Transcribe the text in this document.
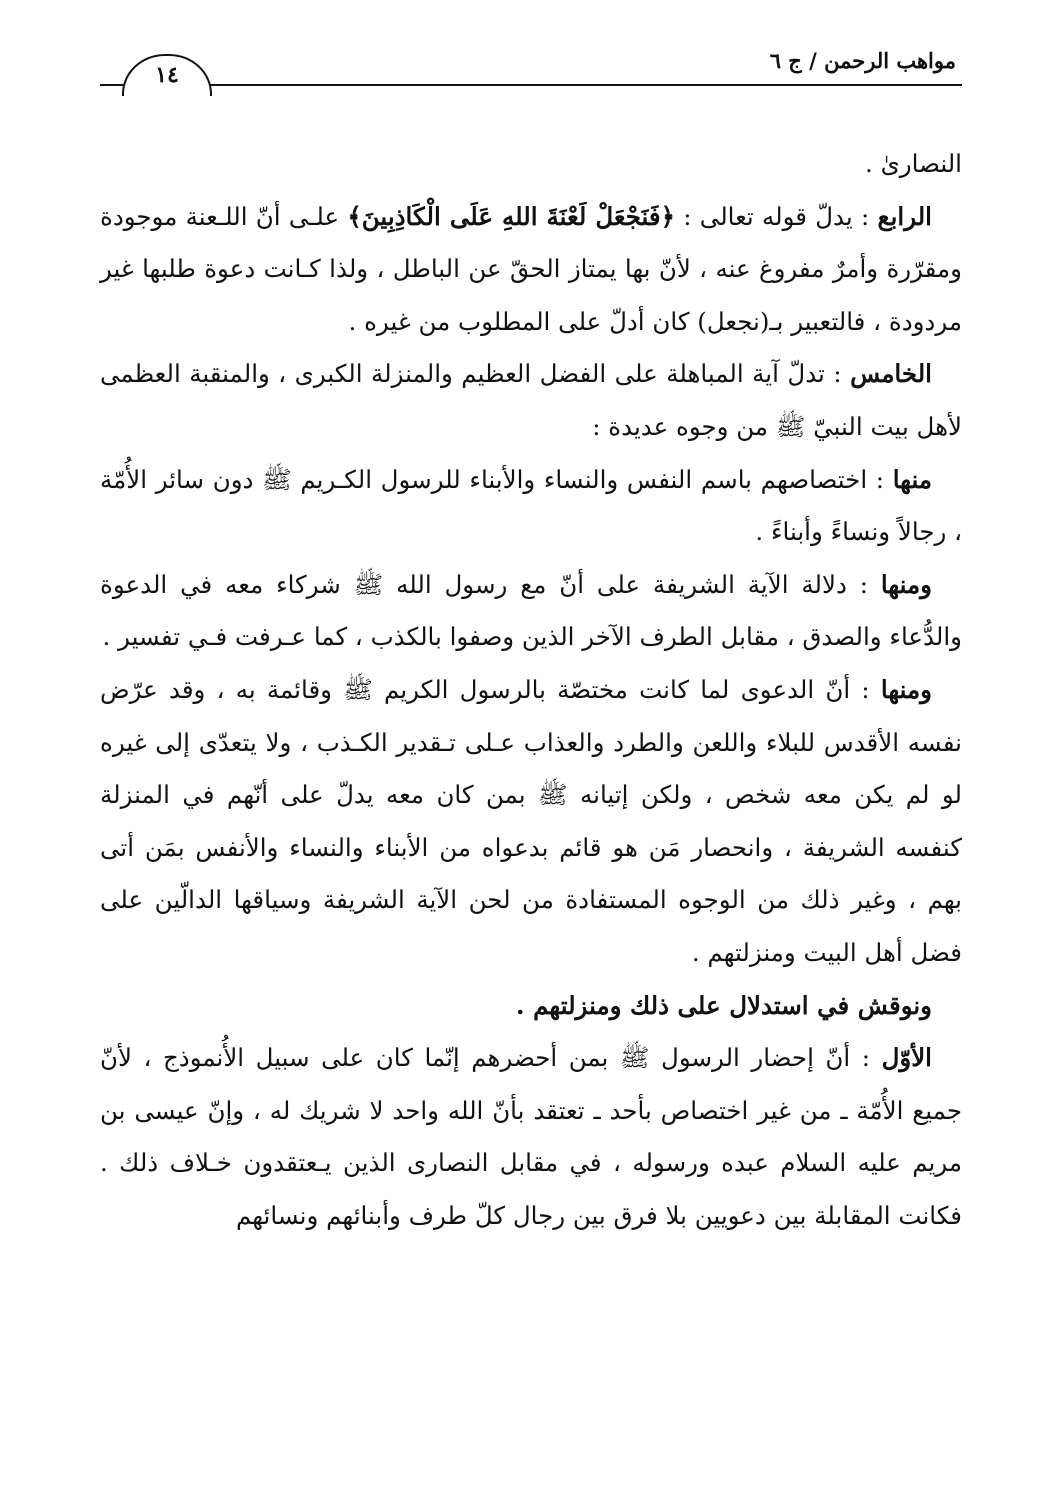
١٤
مواهب الرحمن / ج ٦

النصارىٰ .

الرابع : يدلّ قوله تعالى : ﴿فَنَجْعَلْ لَعْنَةَ اللهِ عَلَى الْكَاذِبِينَ﴾ علـى أنّ اللـعنة موجودة ومقرّرة وأمرٌ مفروغ عنه ، لأنّ بها يمتاز الحقّ عن الباطل ، ولذا كـانت دعوة طلبها غير مردودة ، فالتعبير بـ(نجعل) كان أدلّ على المطلوب من غيره .

الخامس : تدلّ آية المباهلة على الفضل العظيم والمنزلة الكبرى ، والمنقبة العظمى لأهل بيت النبيّ ﷺ من وجوه عديدة :

منها : اختصاصهم باسم النفس والنساء والأبناء للرسول الكـريم ﷺ دون سائر الأُمّة ، رجالاً ونساءً وأبناءً .

ومنها : دلالة الآية الشريفة على أنّ مع رسول الله ﷺ شركاء معه في الدعوة والدُّعاء والصدق ، مقابل الطرف الآخر الذين وصفوا بالكذب ، كما عـرفت فـي تفسير .

ومنها : أنّ الدعوى لما كانت مختصّة بالرسول الكريم ﷺ وقائمة به ، وقد عرّض نفسه الأقدس للبلاء واللعن والطرد والعذاب عـلى تـقدير الكـذب ، ولا يتعدّى إلى غيره لو لم يكن معه شخص ، ولكن إتيانه ﷺ بمن كان معه يدلّ على أنّهم في المنزلة كنفسه الشريفة ، وانحصار مَن هو قائم بدعواه من الأبناء والنساء والأنفس بمَن أتى بهم ، وغير ذلك من الوجوه المستفادة من لحن الآية الشريفة وسياقها الدالّين على فضل أهل البيت ومنزلتهم .

ونوقش في استدلال على ذلك ومنزلتهم .

الأوّل : أنّ إحضار الرسول ﷺ بمن أحضرهم إنّما كان على سبيل الأُنموذج ، لأنّ جميع الأُمّة ـ من غير اختصاص بأحد ـ تعتقد بأنّ الله واحد لا شريك له ، وإنّ عيسى بن مريم عليه السلام عبده ورسوله ، في مقابل النصارى الذين يـعتقدون خـلاف ذلك . فكانت المقابلة بين دعويين بلا فرق بين رجال كلّ طرف وأبنائهم ونسائهم
